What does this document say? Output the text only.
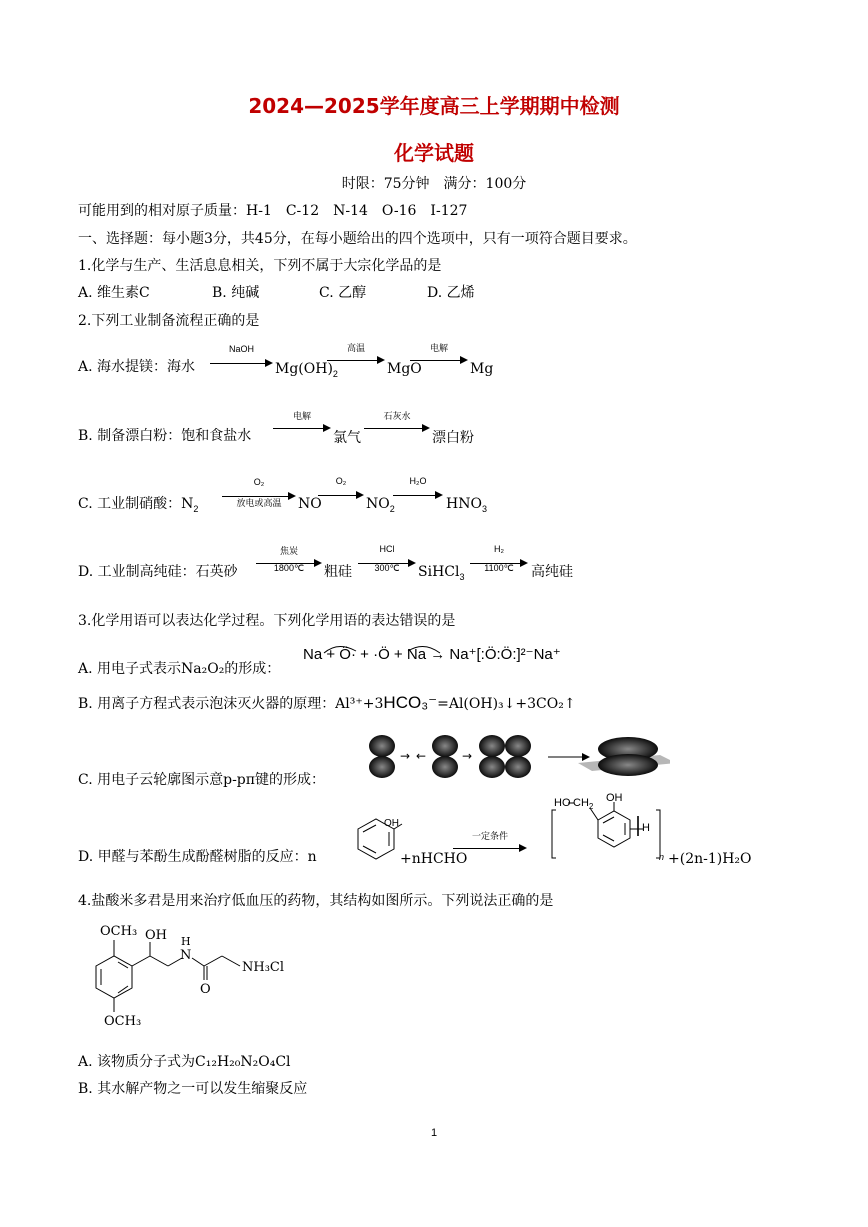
2024—2025学年度高三上学期期中检测
化学试题
时限：75分钟　满分：100分
可能用到的相对原子质量：H-1　C-12　N-14　O-16　I-127
一、选择题：每小题3分，共45分，在每小题给出的四个选项中，只有一项符合题目要求。
1.化学与生产、生活息息相关，下列不属于大宗化学品的是
A. 维生素C	B. 纯碱	C. 乙醇	D. 乙烯
2.下列工业制备流程正确的是
A. 海水提镁：海水
NaOH
$Mg(OH)_2$
高温
MgO
电解
Mg
B. 制备漂白粉：饱和食盐水
电解
氯气
石灰水
漂白粉
C. 工业制硝酸：$N_2$
O₂
放电或高温	NO
O₂
$NO_2$
H₂O
$HNO_3$
D. 工业制高纯硅：石英砂
焦炭
1800℃	粗硅
HCl
300℃	SiHCl$_3$
H₂
1100℃	高纯硅
3.化学用语可以表达化学过程。下列化学用语的表达错误的是
A. 用电子式表示Na₂O₂的形成：
Na + Ö· + ·Ö + Na → Na⁺[:Ö:Ö:]²⁻Na⁺
B. 用离子方程式表示泡沫灭火器的原理：Al³⁺+3HCO₃⁻=Al(OH)₃↓+3CO₂↑
C. 用电子云轮廓图示意p-pπ键的形成：
→ ←	→
D. 甲醛与苯酚生成酚醛树脂的反应：n
OH
+nHCHO
一定条件
HO $CH_2$
OH
H
n +(2n-1)H₂O
4.盐酸米多君是用来治疗低血压的药物，其结构如图所示。下列说法正确的是
OCH₃ OH
N
H
O
NH₃Cl
OCH₃
A. 该物质分子式为C₁₂H₂₀N₂O₄Cl
B. 其水解产物之一可以发生缩聚反应
1
